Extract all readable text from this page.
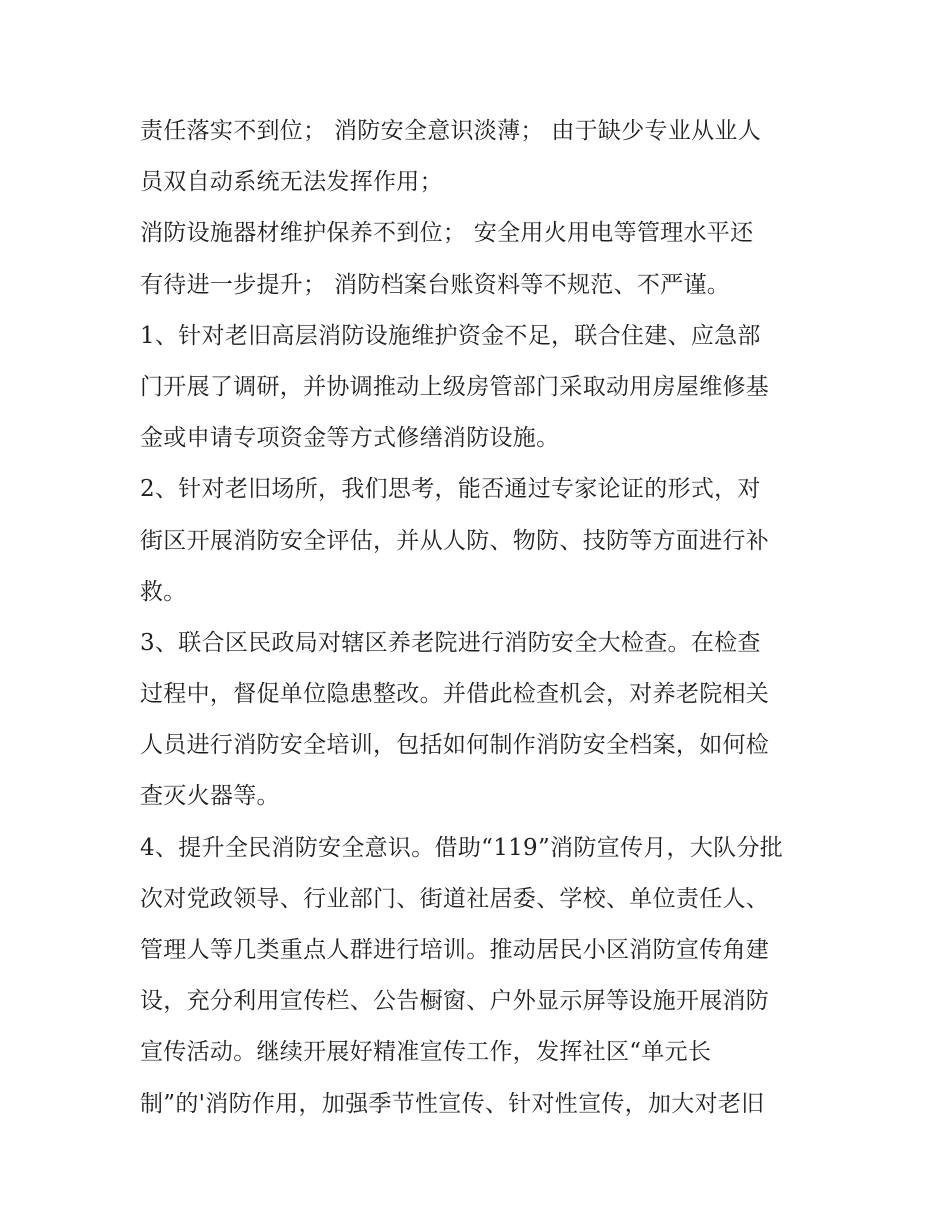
责任落实不到位； 消防安全意识淡薄； 由于缺少专业从业人
员双自动系统无法发挥作用；
消防设施器材维护保养不到位； 安全用火用电等管理水平还
有待进一步提升； 消防档案台账资料等不规范、不严谨。
1、针对老旧高层消防设施维护资金不足，联合住建、应急部
门开展了调研，并协调推动上级房管部门采取动用房屋维修基
金或申请专项资金等方式修缮消防设施。
2、针对老旧场所，我们思考，能否通过专家论证的形式，对
街区开展消防安全评估，并从人防、物防、技防等方面进行补
救。
3、联合区民政局对辖区养老院进行消防安全大检查。在检查
过程中，督促单位隐患整改。并借此检查机会，对养老院相关
人员进行消防安全培训，包括如何制作消防安全档案，如何检
查灭火器等。
4、提升全民消防安全意识。借助“119”消防宣传月，大队分批
次对党政领导、行业部门、街道社居委、学校、单位责任人、
管理人等几类重点人群进行培训。推动居民小区消防宣传角建
设，充分利用宣传栏、公告橱窗、户外显示屏等设施开展消防
宣传活动。继续开展好精准宣传工作，发挥社区“单元长
制”的'消防作用，加强季节性宣传、针对性宣传，加大对老旧
